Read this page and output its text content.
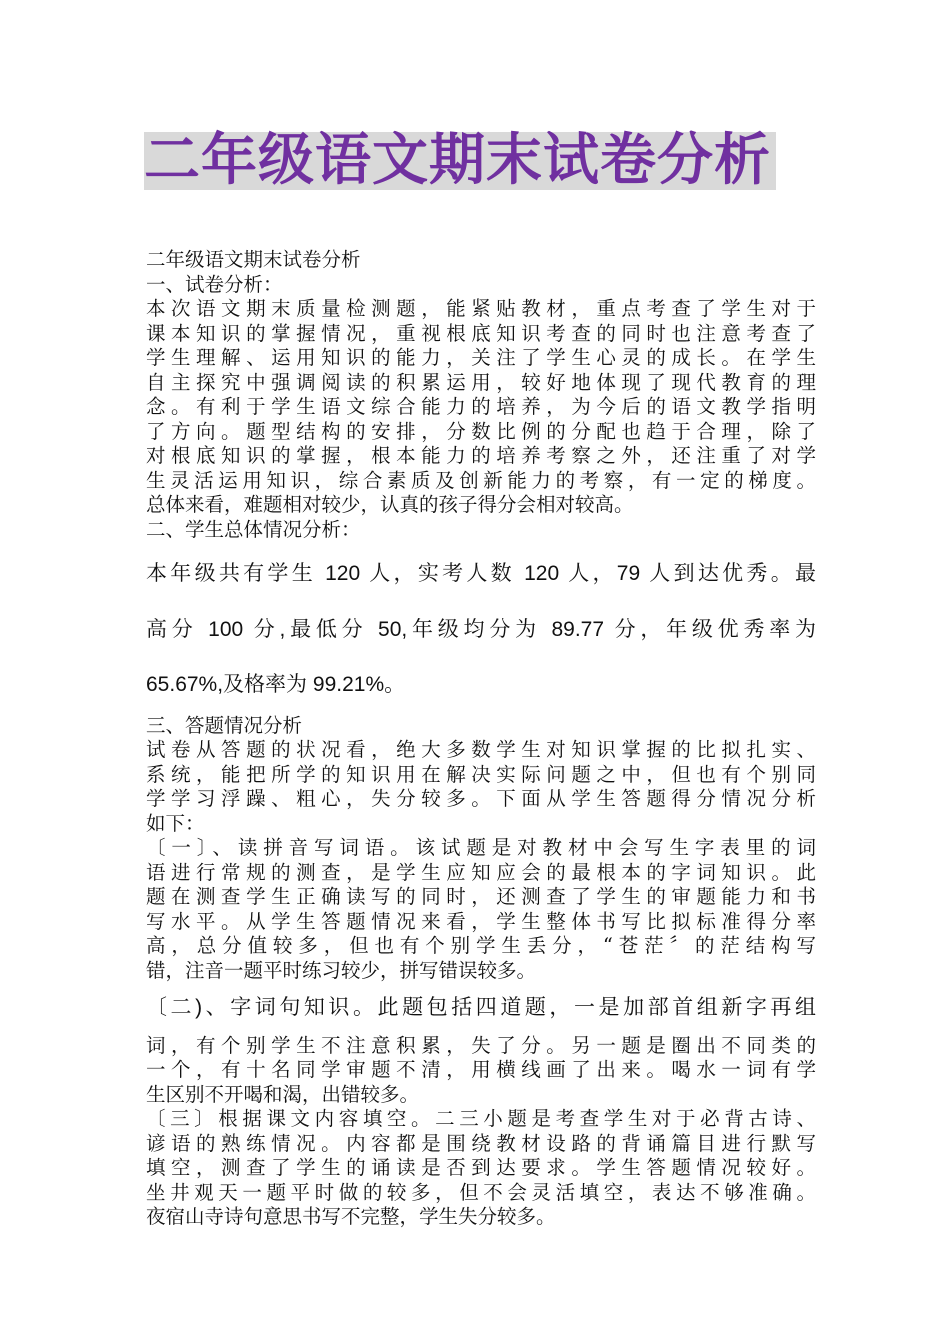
二年级语文期末试卷分析
二年级语文期末试卷分析
一、试卷分析：
本次语文期末质量检测题，能紧贴教材，重点考查了学生对于
课本知识的掌握情况，重视根底知识考查的同时也注意考查了
学生理解、运用知识的能力，关注了学生心灵的成长。在学生
自主探究中强调阅读的积累运用，较好地体现了现代教育的理
念。有利于学生语文综合能力的培养，为今后的语文教学指明
了方向。题型结构的安排，分数比例的分配也趋于合理，除了
对根底知识的掌握，根本能力的培养考察之外，还注重了对学
生灵活运用知识，综合素质及创新能力的考察，有一定的梯度。
总体来看，难题相对较少，认真的孩子得分会相对较高。
二、学生总体情况分析：
本年级共有学生 120 人，实考人数 120 人，79 人到达优秀。最
高分 100 分,最低分 50,年级均分为 89.77 分，年级优秀率为
65.67%,及格率为 99.21%。
三、答题情况分析
试卷从答题的状况看，绝大多数学生对知识掌握的比拟扎实、
系统，能把所学的知识用在解决实际问题之中，但也有个别同
学学习浮躁、粗心，失分较多。下面从学生答题得分情况分析
如下：
〔一〕、读拼音写词语。该试题是对教材中会写生字表里的词
语进行常规的测查，是学生应知应会的最根本的字词知识。此
题在测查学生正确读写的同时，还测查了学生的审题能力和书
写水平。从学生答题情况来看，学生整体书写比拟标准得分率
高，总分值较多，但也有个别学生丢分，“苍茫〞的茫结构写
错，注音一题平时练习较少，拼写错误较多。
〔二)、字词句知识。此题包括四道题，一是加部首组新字再组
词，有个别学生不注意积累，失了分。另一题是圈出不同类的
一个，有十名同学审题不清，用横线画了出来。喝水一词有学
生区别不开喝和渴，出错较多。
〔三〕根据课文内容填空。二三小题是考查学生对于必背古诗、
谚语的熟练情况。内容都是围绕教材设路的背诵篇目进行默写
填空，测查了学生的诵读是否到达要求。学生答题情况较好。
坐井观天一题平时做的较多，但不会灵活填空，表达不够准确。
夜宿山寺诗句意思书写不完整，学生失分较多。
